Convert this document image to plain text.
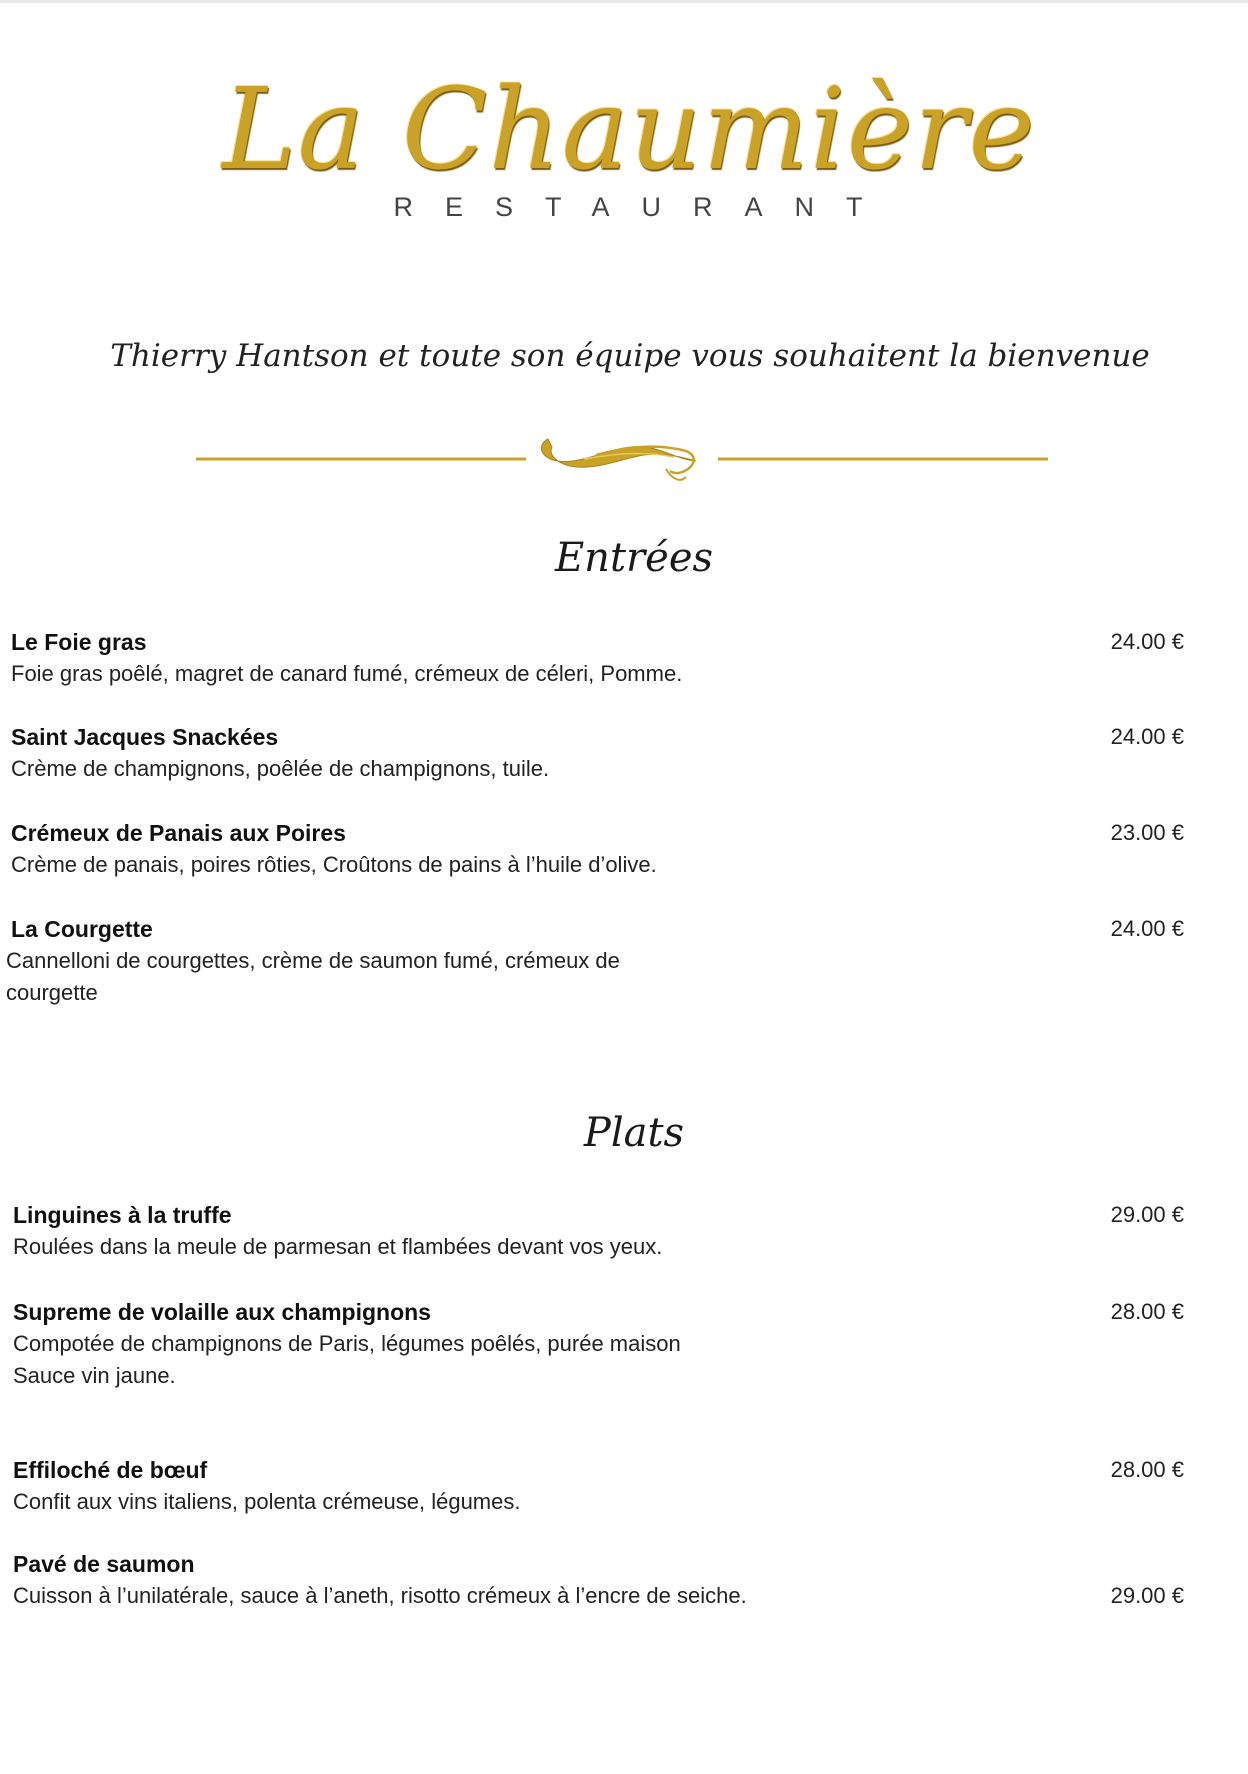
La Chaumière
RESTAURANT
Thierry Hantson et toute son équipe vous souhaitent la bienvenue
Entrées
Le Foie gras
Foie gras poêlé, magret de canard fumé, crémeux de céleri, Pomme.
24.00 €
Saint Jacques Snackées
Crème de champignons, poêlée de champignons, tuile.
24.00 €
Crémeux de Panais aux Poires
Crème de panais, poires rôties, Croûtons de pains à l’huile d’olive.
23.00 €
La Courgette
Cannelloni de courgettes, crème de saumon fumé, crémeux de
courgette
24.00 €
Plats
Linguines à la truffe
Roulées dans la meule de parmesan et flambées devant vos yeux.
29.00 €
Supreme de volaille aux champignons
Compotée de champignons de Paris, légumes poêlés, purée maison
Sauce vin jaune.
28.00 €
Effiloché de bœuf
Confit aux vins italiens, polenta crémeuse, légumes.
28.00 €
Pavé de saumon
Cuisson à l’unilatérale, sauce à l’aneth, risotto crémeux à l’encre de seiche.	29.00 €
